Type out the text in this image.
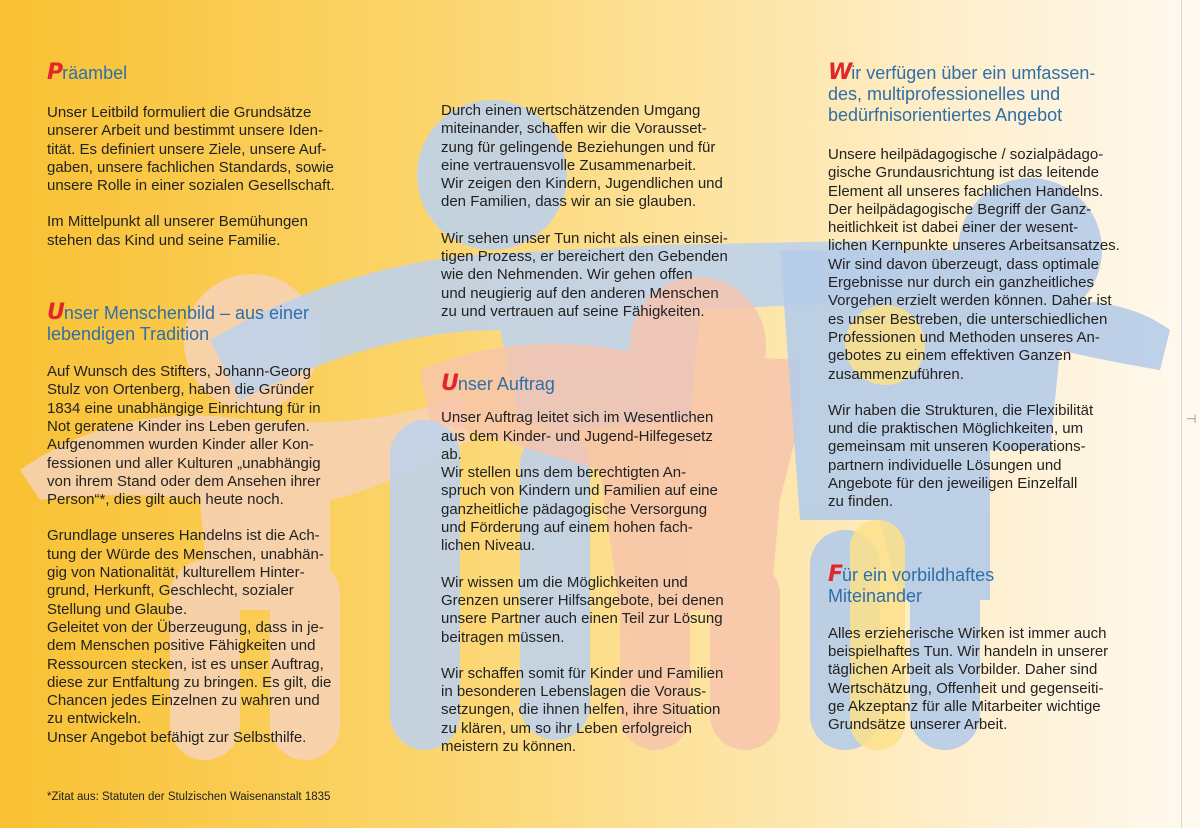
⊣
Präambel

Unser Leitbild formuliert die Grundsätze
unserer Arbeit und bestimmt unsere Iden-
tität. Es definiert unsere Ziele, unsere Auf-
gaben, unsere fachlichen Standards, sowie
unsere Rolle in einer sozialen Gesellschaft.

Im Mittelpunkt all unserer Bemühungen
stehen das Kind und seine Familie.

Unser Menschenbild – aus einer
lebendigen Tradition

Auf Wunsch des Stifters, Johann-Georg
Stulz von Ortenberg, haben die Gründer
1834 eine unabhängige Einrichtung für in
Not geratene Kinder ins Leben gerufen.
Aufgenommen wurden Kinder aller Kon-
fessionen und aller Kulturen „unabhängig
von ihrem Stand oder dem Ansehen ihrer
Person“*, dies gilt auch heute noch.

Grundlage unseres Handelns ist die Ach-
tung der Würde des Menschen, unabhän-
gig von Nationalität, kulturellem Hinter-
grund, Herkunft, Geschlecht, sozialer
Stellung und Glaube.
Geleitet von der Überzeugung, dass in je-
dem Menschen positive Fähigkeiten und
Ressourcen stecken, ist es unser Auftrag,
diese zur Entfaltung zu bringen. Es gilt, die
Chancen jedes Einzelnen zu wahren und
zu entwickeln.
Unser Angebot befähigt zur Selbsthilfe.

Durch einen wertschätzenden Umgang
miteinander, schaffen wir die Vorausset-
zung für gelingende Beziehungen und für
eine vertrauensvolle Zusammenarbeit.
Wir zeigen den Kindern, Jugendlichen und
den Familien, dass wir an sie glauben.

Wir sehen unser Tun nicht als einen einsei-
tigen Prozess, er bereichert den Gebenden
wie den Nehmenden. Wir gehen offen
und neugierig auf den anderen Menschen
zu und vertrauen auf seine Fähigkeiten.

Unser Auftrag

Unser Auftrag leitet sich im Wesentlichen
aus dem Kinder- und Jugend-Hilfegesetz
ab.
Wir stellen uns dem berechtigten An-
spruch von Kindern und Familien auf eine
ganzheitliche pädagogische Versorgung
und Förderung auf einem hohen fach-
lichen Niveau.

Wir wissen um die Möglichkeiten und
Grenzen unserer Hilfsangebote, bei denen
unsere Partner auch einen Teil zur Lösung
beitragen müssen.

Wir schaffen somit für Kinder und Familien
in besonderen Lebenslagen die Voraus-
setzungen, die ihnen helfen, ihre Situation
zu klären, um so ihr Leben erfolgreich
meistern zu können.

Wir verfügen über ein umfassen-
des, multiprofessionelles und
bedürfnisorientiertes Angebot

Unsere heilpädagogische / sozialpädago-
gische Grundausrichtung ist das leitende
Element all unseres fachlichen Handelns.
Der heilpädagogische Begriff der Ganz-
heitlichkeit ist dabei einer der wesent-
lichen Kernpunkte unseres Arbeitsansatzes.
Wir sind davon überzeugt, dass optimale
Ergebnisse nur durch ein ganzheitliches
Vorgehen erzielt werden können. Daher ist
es unser Bestreben, die unterschiedlichen
Professionen und Methoden unseres An-
gebotes zu einem effektiven Ganzen
zusammenzuführen.

Wir haben die Strukturen, die Flexibilität
und die praktischen Möglichkeiten, um
gemeinsam mit unseren Kooperations-
partnern individuelle Lösungen und
Angebote für den jeweiligen Einzelfall
zu finden.

Für ein vorbildhaftes
Miteinander

Alles erzieherische Wirken ist immer auch
beispielhaftes Tun. Wir handeln in unserer
täglichen Arbeit als Vorbilder. Daher sind
Wertschätzung, Offenheit und gegenseiti-
ge Akzeptanz für alle Mitarbeiter wichtige
Grundsätze unserer Arbeit.

*Zitat aus: Statuten der Stulzischen Waisenanstalt 1835
